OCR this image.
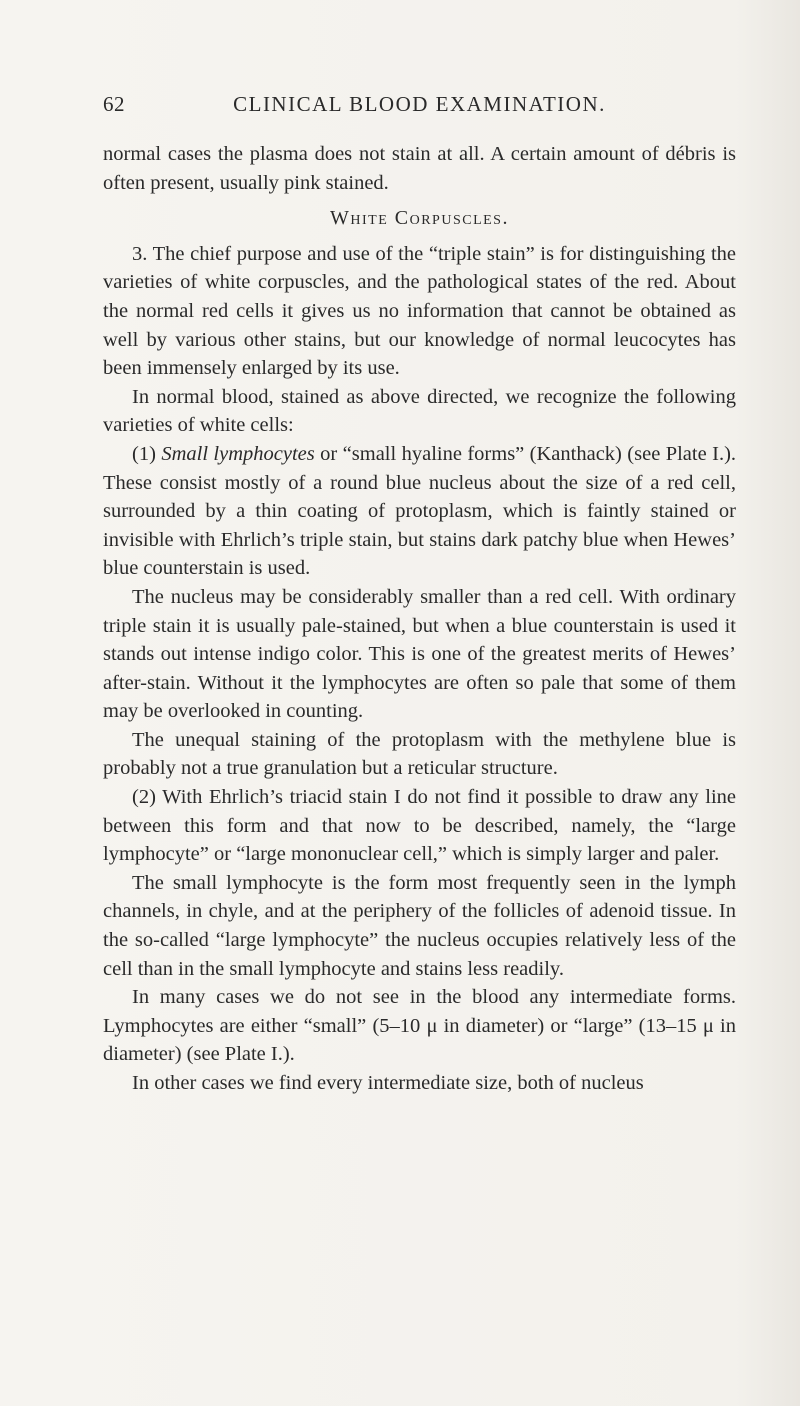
62	CLINICAL BLOOD EXAMINATION.

normal cases the plasma does not stain at all. A certain amount of débris is often present, usually pink stained.

White Corpuscles.

3. The chief purpose and use of the “triple stain” is for distinguishing the varieties of white corpuscles, and the pathological states of the red. About the normal red cells it gives us no information that cannot be obtained as well by various other stains, but our knowledge of normal leucocytes has been immensely enlarged by its use.

In normal blood, stained as above directed, we recognize the following varieties of white cells:

(1) Small lymphocytes or “small hyaline forms” (Kanthack) (see Plate I.). These consist mostly of a round blue nucleus about the size of a red cell, surrounded by a thin coating of protoplasm, which is faintly stained or invisible with Ehrlich’s triple stain, but stains dark patchy blue when Hewes’ blue counterstain is used.

The nucleus may be considerably smaller than a red cell. With ordinary triple stain it is usually pale-stained, but when a blue counterstain is used it stands out intense indigo color. This is one of the greatest merits of Hewes’ after-stain. Without it the lymphocytes are often so pale that some of them may be overlooked in counting.

The unequal staining of the protoplasm with the methylene blue is probably not a true granulation but a reticular structure.

(2) With Ehrlich’s triacid stain I do not find it possible to draw any line between this form and that now to be described, namely, the “large lymphocyte” or “large mononuclear cell,” which is simply larger and paler.

The small lymphocyte is the form most frequently seen in the lymph channels, in chyle, and at the periphery of the follicles of adenoid tissue. In the so-called “large lymphocyte” the nucleus occupies relatively less of the cell than in the small lymphocyte and stains less readily.

In many cases we do not see in the blood any intermediate forms. Lymphocytes are either “small” (5–10 μ in diameter) or “large” (13–15 μ in diameter) (see Plate I.).

In other cases we find every intermediate size, both of nucleus
